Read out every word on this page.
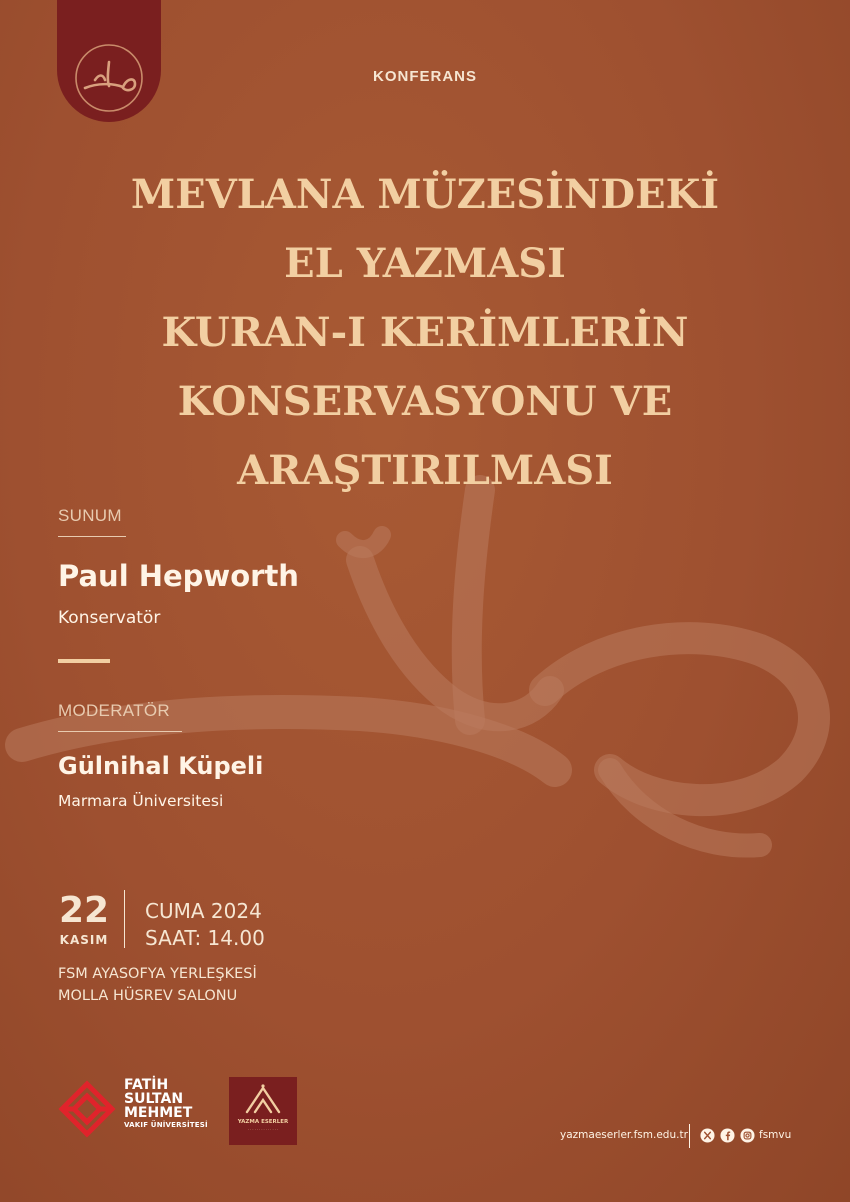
KONFERANS
MEVLANA MÜZESİNDEKİ
EL YAZMASI
KURAN-I KERİMLERİN
KONSERVASYONU VE
ARAŞTIRILMASI
SUNUM
Paul Hepworth
Konservatör
MODERATÖR
Gülnihal Küpeli
Marmara Üniversitesi
22
KASIM
CUMA 2024
SAAT: 14.00
FSM AYASOFYA YERLEŞKESİ
MOLLA HÜSREV SALONU
FATİH
SULTAN
MEHMET
VAKIF ÜNİVERSİTESİ	YAZMA ESERLER
. . . . . . . . . . . . . .	yazmaeserler.fsm.edu.tr	fsmvu
